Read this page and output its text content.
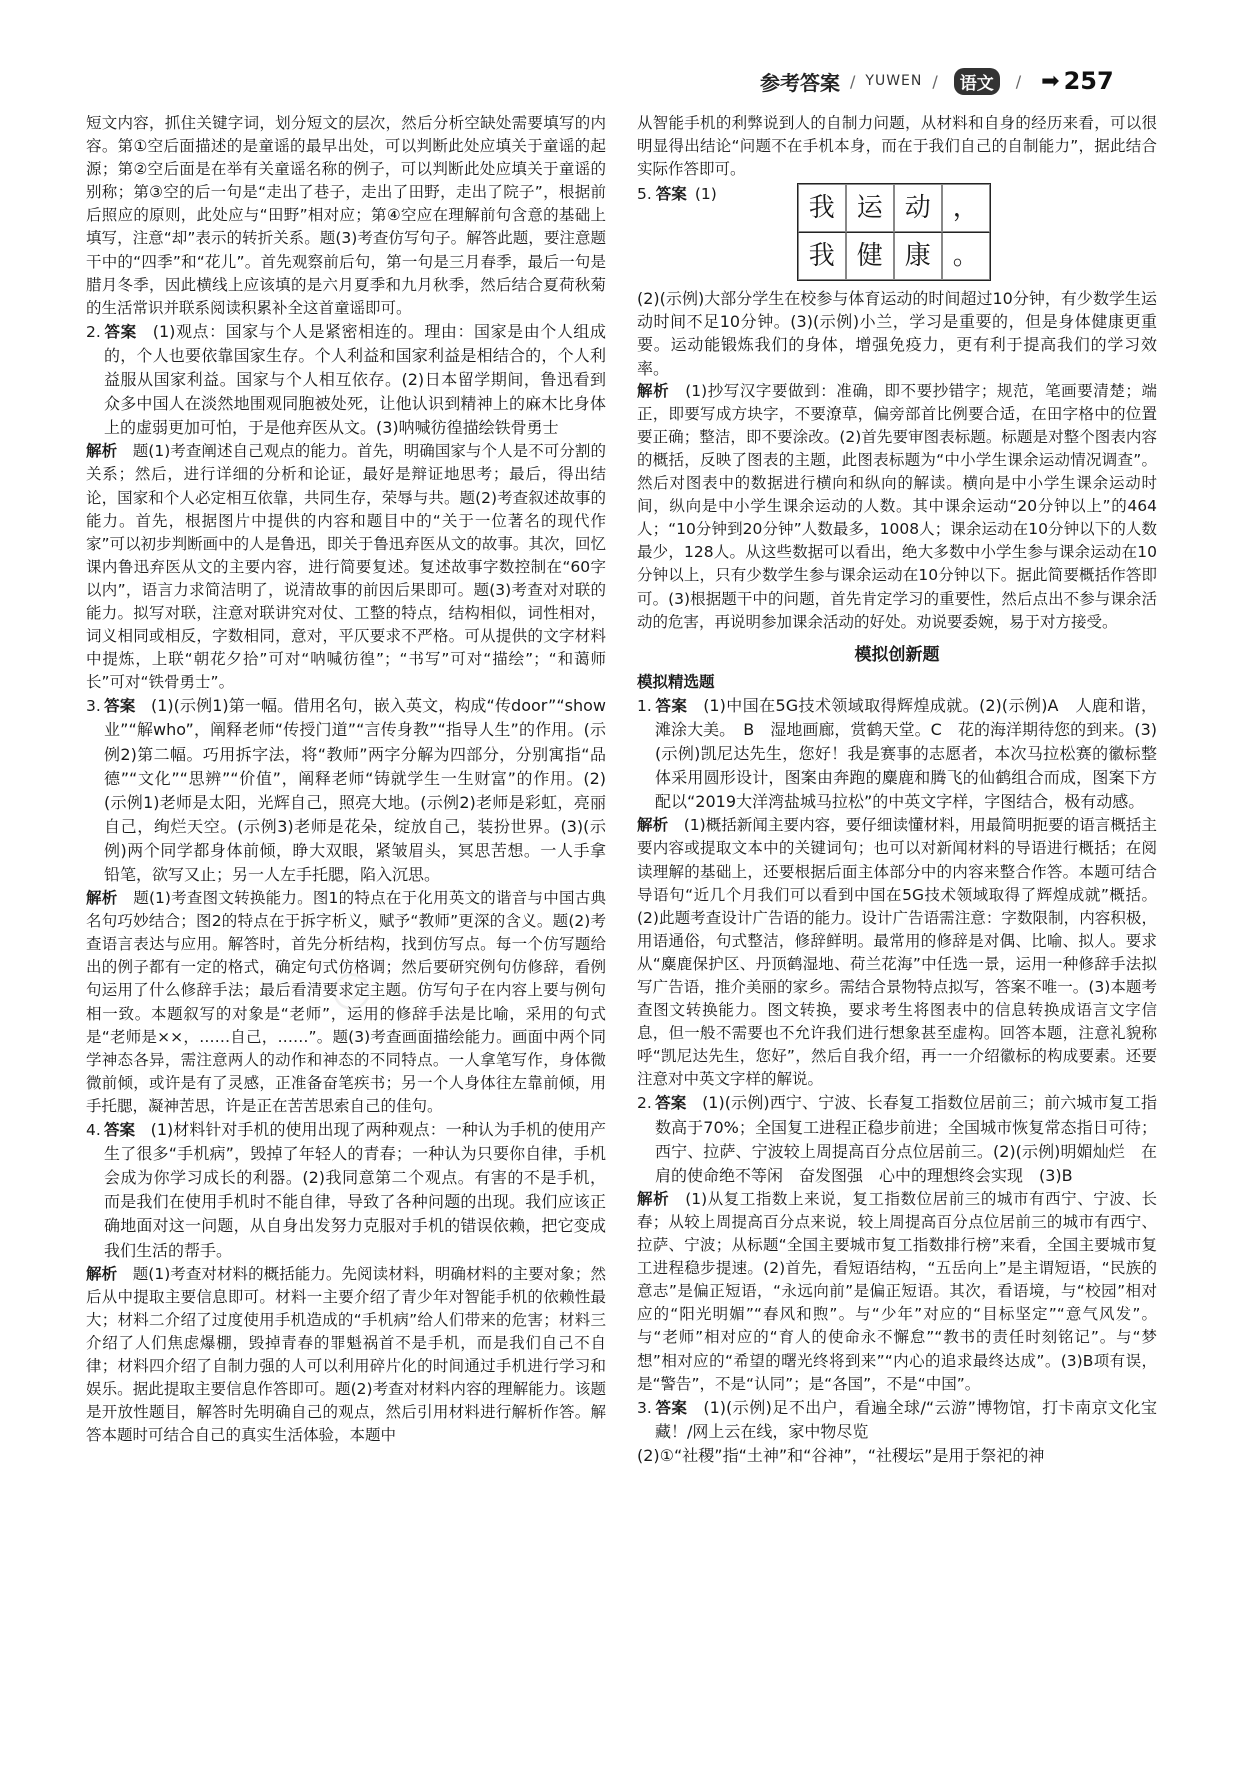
参考答案 / YUWEN /	语文	/ ➡ 257

短文内容，抓住关键字词，划分短文的层次，然后分析空缺处需要填写的内容。第①空后面描述的是童谣的最早出处，可以判断此处应填关于童谣的起源；第②空后面是在举有关童谣名称的例子，可以判断此处应填关于童谣的别称；第③空的后一句是“走出了巷子，走出了田野，走出了院子”，根据前后照应的原则，此处应与“田野”相对应；第④空应在理解前句含意的基础上填写，注意“却”表示的转折关系。题(3)考查仿写句子。解答此题，要注意题干中的“四季”和“花儿”。首先观察前后句，第一句是三月春季，最后一句是腊月冬季，因此横线上应该填的是六月夏季和九月秋季，然后结合夏荷秋菊的生活常识并联系阅读积累补全这首童谣即可。

2. 答案　 (1)观点：国家与个人是紧密相连的。理由：国家是由个人组成的，个人也要依靠国家生存。个人利益和国家利益是相结合的，个人利益服从国家利益。国家与个人相互依存。(2)日本留学期间，鲁迅看到众多中国人在淡然地围观同胞被处死，让他认识到精神上的麻木比身体上的虚弱更加可怕，于是他弃医从文。(3)呐喊彷徨描绘铁骨勇士

解析　 题(1)考查阐述自己观点的能力。首先，明确国家与个人是不可分割的关系；然后，进行详细的分析和论证，最好是辩证地思考；最后，得出结论，国家和个人必定相互依靠，共同生存，荣辱与共。题(2)考查叙述故事的能力。首先，根据图片中提供的内容和题目中的“关于一位著名的现代作家”可以初步判断画中的人是鲁迅，即关于鲁迅弃医从文的故事。其次，回忆课内鲁迅弃医从文的主要内容，进行简要复述。复述故事字数控制在“60字以内”，语言力求简洁明了，说清故事的前因后果即可。题(3)考查对对联的能力。拟写对联，注意对联讲究对仗、工整的特点，结构相似，词性相对，词义相同或相反，字数相同，意对，平仄要求不严格。可从提供的文字材料中提炼，上联“朝花夕拾”可对“呐喊彷徨”；“书写”可对“描绘”；“和蔼师长”可对“铁骨勇士”。

3. 答案　 (1)(示例1)第一幅。借用名句，嵌入英文，构成“传door”“show业”“解who”，阐释老师“传授门道”“言传身教”“指导人生”的作用。(示例2)第二幅。巧用拆字法，将“教师”两字分解为四部分，分别寓指“品德”“文化”“思辨”“价值”，阐释老师“铸就学生一生财富”的作用。(2)(示例1)老师是太阳，光辉自己，照亮大地。(示例2)老师是彩虹，亮丽自己，绚烂天空。(示例3)老师是花朵，绽放自己，装扮世界。(3)(示例)两个同学都身体前倾，睁大双眼，紧皱眉头，冥思苦想。一人手拿铅笔，欲写又止；另一人左手托腮，陷入沉思。

解析　 题(1)考查图文转换能力。图1的特点在于化用英文的谐音与中国古典名句巧妙结合；图2的特点在于拆字析义，赋予“教师”更深的含义。题(2)考查语言表达与应用。解答时，首先分析结构，找到仿写点。每一个仿写题给出的例子都有一定的格式，确定句式仿格调；然后要研究例句仿修辞，看例句运用了什么修辞手法；最后看清要求定主题。仿写句子在内容上要与例句相一致。本题叙写的对象是“老师”，运用的修辞手法是比喻，采用的句式是“老师是××，……自己，……”。题(3)考查画面描绘能力。画面中两个同学神态各异，需注意两人的动作和神态的不同特点。一人拿笔写作，身体微微前倾，或许是有了灵感，正准备奋笔疾书；另一个人身体往左靠前倾，用手托腮，凝神苦思，许是正在苦苦思索自己的佳句。

4. 答案　 (1)材料针对手机的使用出现了两种观点：一种认为手机的使用产生了很多“手机病”，毁掉了年轻人的青春；一种认为只要你自律，手机会成为你学习成长的利器。(2)我同意第二个观点。有害的不是手机，而是我们在使用手机时不能自律，导致了各种问题的出现。我们应该正确地面对这一问题，从自身出发努力克服对手机的错误依赖，把它变成我们生活的帮手。

解析　 题(1)考查对材料的概括能力。先阅读材料，明确材料的主要对象；然后从中提取主要信息即可。材料一主要介绍了青少年对智能手机的依赖性最大；材料二介绍了过度使用手机造成的“手机病”给人们带来的危害；材料三介绍了人们焦虑爆棚，毁掉青春的罪魁祸首不是手机，而是我们自己不自律；材料四介绍了自制力强的人可以利用碎片化的时间通过手机进行学习和娱乐。据此提取主要信息作答即可。题(2)考查对材料内容的理解能力。该题是开放性题目，解答时先明确自己的观点，然后引用材料进行解析作答。解答本题时可结合自己的真实生活体验，本题中

从智能手机的利弊说到人的自制力问题，从材料和自身的经历来看，可以很明显得出结论“问题不在手机本身，而在于我们自己的自制能力”，据此结合实际作答即可。

5. 答案 (1)	我 运 动 ，
我 健 康 。

(2)(示例)大部分学生在校参与体育运动的时间超过10分钟，有少数学生运动时间不足10分钟。(3)(示例)小兰，学习是重要的，但是身体健康更重要。运动能锻炼我们的身体，增强免疫力，更有利于提高我们的学习效率。

解析　 (1)抄写汉字要做到：准确，即不要抄错字；规范，笔画要清楚；端正，即要写成方块字，不要潦草，偏旁部首比例要合适，在田字格中的位置要正确；整洁，即不要涂改。(2)首先要审图表标题。标题是对整个图表内容的概括，反映了图表的主题，此图表标题为“中小学生课余运动情况调查”。然后对图表中的数据进行横向和纵向的解读。横向是中小学生课余运动时间，纵向是中小学生课余运动的人数。其中课余运动“20分钟以上”的464人；“10分钟到20分钟”人数最多，1008人；课余运动在10分钟以下的人数最少，128人。从这些数据可以看出，绝大多数中小学生参与课余运动在10分钟以上，只有少数学生参与课余运动在10分钟以下。据此简要概括作答即可。(3)根据题干中的问题，首先肯定学习的重要性，然后点出不参与课余活动的危害，再说明参加课余活动的好处。劝说要委婉，易于对方接受。

模拟创新题
模拟精选题

1. 答案　 (1)中国在5G技术领域取得辉煌成就。(2)(示例)A　人鹿和谐，滩涂大美。　B　湿地画廊，赏鹤天堂。C　花的海洋期待您的到来。(3)(示例)凯尼达先生，您好！我是赛事的志愿者，本次马拉松赛的徽标整体采用圆形设计，图案由奔跑的麋鹿和腾飞的仙鹤组合而成，图案下方配以“2019大洋湾盐城马拉松”的中英文字样，字图结合，极有动感。

解析　 (1)概括新闻主要内容，要仔细读懂材料，用最简明扼要的语言概括主要内容或提取文本中的关键词句；也可以对新闻材料的导语进行概括；在阅读理解的基础上，还要根据后面主体部分中的内容来整合作答。本题可结合导语句“近几个月我们可以看到中国在5G技术领域取得了辉煌成就”概括。(2)此题考查设计广告语的能力。设计广告语需注意：字数限制，内容积极，用语通俗，句式整洁，修辞鲜明。最常用的修辞是对偶、比喻、拟人。要求从“麋鹿保护区、丹顶鹤湿地、荷兰花海”中任选一景，运用一种修辞手法拟写广告语，推介美丽的家乡。需结合景物特点拟写，答案不唯一。(3)本题考查图文转换能力。图文转换，要求考生将图表中的信息转换成语言文字信息，但一般不需要也不允许我们进行想象甚至虚构。回答本题，注意礼貌称呼“凯尼达先生，您好”，然后自我介绍，再一一介绍徽标的构成要素。还要注意对中英文字样的解说。

2. 答案　 (1)(示例)西宁、宁波、长春复工指数位居前三；前六城市复工指数高于70%；全国复工进程正稳步前进；全国城市恢复常态指日可待；西宁、拉萨、宁波较上周提高百分点位居前三。(2)(示例)明媚灿烂　在肩的使命绝不等闲　奋发图强　心中的理想终会实现　(3)B

解析　 (1)从复工指数上来说，复工指数位居前三的城市有西宁、宁波、长春；从较上周提高百分点来说，较上周提高百分点位居前三的城市有西宁、拉萨、宁波；从标题“全国主要城市复工指数排行榜”来看，全国主要城市复工进程稳步提速。(2)首先，看短语结构，“五岳向上”是主谓短语，“民族的意志”是偏正短语，“永远向前”是偏正短语。其次，看语境，与“校园”相对应的“阳光明媚”“春风和煦”。与“少年”对应的“目标坚定”“意气风发”。与“老师”相对应的“育人的使命永不懈怠”“教书的责任时刻铭记”。与“梦想”相对应的“希望的曙光终将到来”“内心的追求最终达成”。(3)B项有误，是“警告”，不是“认同”；是“各国”，不是“中国”。

3. 答案　 (1)(示例)足不出户，看遍全球/“云游”博物馆，打卡南京文化宝藏！/网上云在线，家中物尽览

(2)①“社稷”指“土神”和“谷神”，“社稷坛”是用于祭祀的神

◎
